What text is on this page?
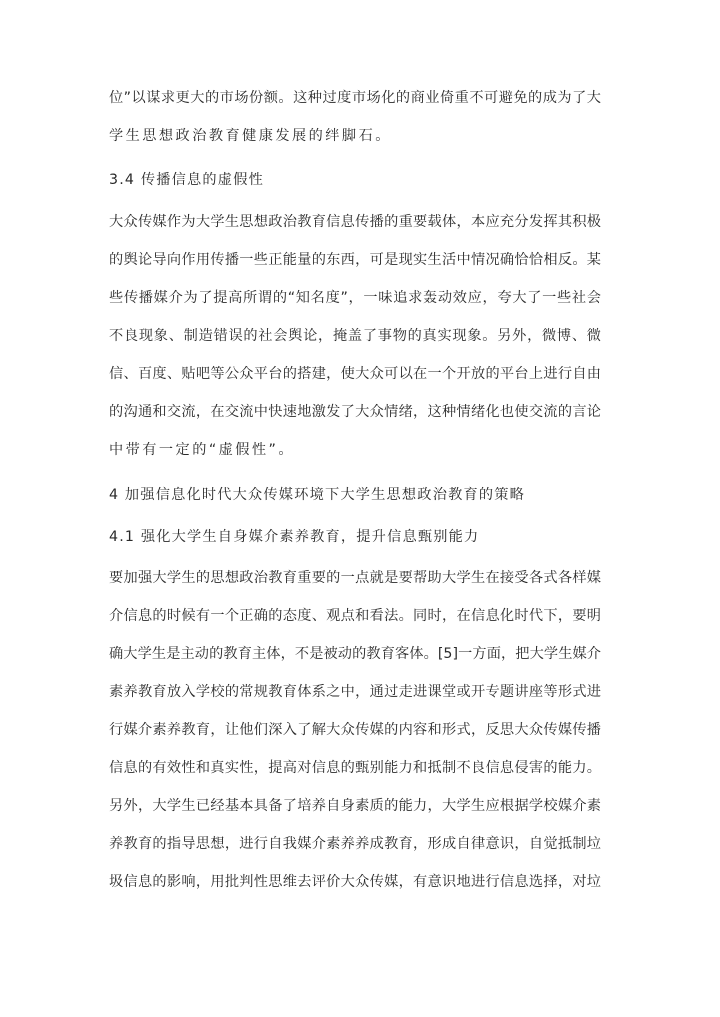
位”以谋求更大的市场份额。这种过度市场化的商业倚重不可避免的成为了大
学生思想政治教育健康发展的绊脚石。
3.4 传播信息的虚假性
大众传媒作为大学生思想政治教育信息传播的重要载体，本应充分发挥其积极
的舆论导向作用传播一些正能量的东西，可是现实生活中情况确恰恰相反。某
些传播媒介为了提高所谓的“知名度”，一味追求轰动效应，夸大了一些社会
不良现象、制造错误的社会舆论，掩盖了事物的真实现象。另外，微博、微
信、百度、贴吧等公众平台的搭建，使大众可以在一个开放的平台上进行自由
的沟通和交流，在交流中快速地激发了大众情绪，这种情绪化也使交流的言论
中带有一定的“虚假性”。
4 加强信息化时代大众传媒环境下大学生思想政治教育的策略
4.1 强化大学生自身媒介素养教育，提升信息甄别能力
要加强大学生的思想政治教育重要的一点就是要帮助大学生在接受各式各样媒
介信息的时候有一个正确的态度、观点和看法。同时，在信息化时代下，要明
确大学生是主动的教育主体，不是被动的教育客体。[5]一方面，把大学生媒介
素养教育放入学校的常规教育体系之中，通过走进课堂或开专题讲座等形式进
行媒介素养教育，让他们深入了解大众传媒的内容和形式，反思大众传媒传播
信息的有效性和真实性，提高对信息的甄别能力和抵制不良信息侵害的能力。
另外，大学生已经基本具备了培养自身素质的能力，大学生应根据学校媒介素
养教育的指导思想，进行自我媒介素养养成教育，形成自律意识，自觉抵制垃
圾信息的影响，用批判性思维去评价大众传媒，有意识地进行信息选择，对垃
